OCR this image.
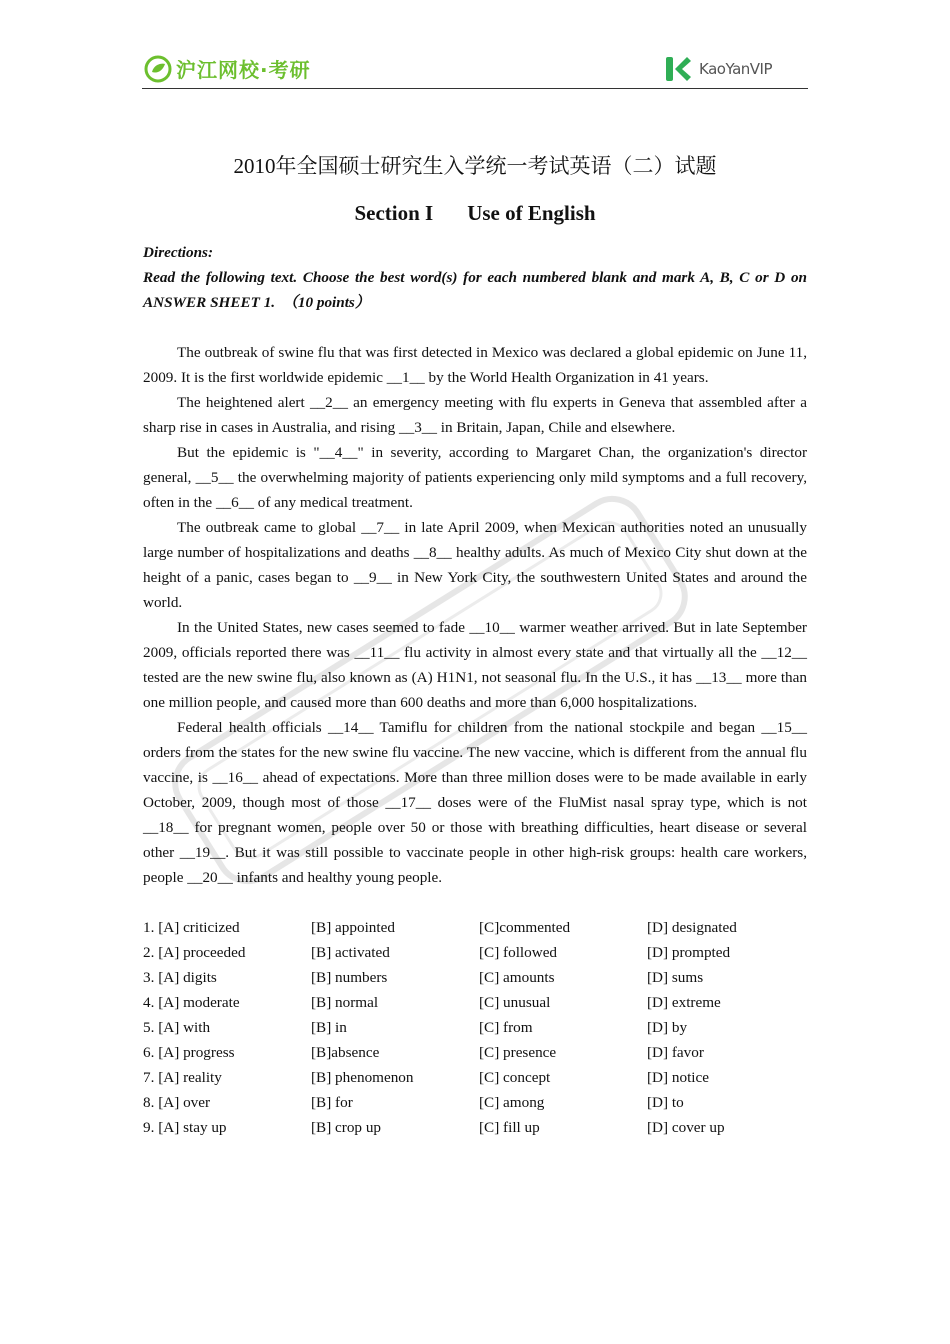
沪江网校·考研	KaoYanVIP
2010年全国硕士研究生入学统一考试英语（二）试题
Section I Use of English

Directions:

Read the following text. Choose the best word(s) for each numbered blank and mark A, B, C or D on ANSWER SHEET 1.　（10 points）

The outbreak of swine flu that was first detected in Mexico was declared a global epidemic on June 11, 2009. It is the first worldwide epidemic __1__ by the World Health Organization in 41 years.

The heightened alert __2__ an emergency meeting with flu experts in Geneva that assembled after a sharp rise in cases in Australia, and rising __3__ in Britain, Japan, Chile and elsewhere.

But the epidemic is "__4__" in severity, according to Margaret Chan, the organization's director general, __5__ the overwhelming majority of patients experiencing only mild symptoms and a full recovery, often in the __6__ of any medical treatment.

The outbreak came to global __7__ in late April 2009, when Mexican authorities noted an unusually large number of hospitalizations and deaths __8__ healthy adults. As much of Mexico City shut down at the height of a panic, cases began to __9__ in New York City, the southwestern United States and around the world.

In the United States, new cases seemed to fade __10__ warmer weather arrived. But in late September 2009, officials reported there was __11__ flu activity in almost every state and that virtually all the __12__ tested are the new swine flu, also known as (A) H1N1, not seasonal flu. In the U.S., it has __13__ more than one million people, and caused more than 600 deaths and more than 6,000 hospitalizations.

Federal health officials __14__ Tamiflu for children from the national stockpile and began __15__ orders from the states for the new swine flu vaccine. The new vaccine, which is different from the annual flu vaccine, is __16__ ahead of expectations. More than three million doses were to be made available in early October, 2009, though most of those __17__ doses were of the FluMist nasal spray type, which is not __18__ for pregnant women, people over 50 or those with breathing difficulties, heart disease or several other __19__. But it was still possible to vaccinate people in other high-risk groups: health care workers, people __20__ infants and healthy young people.

1. [A] criticized	[B] appointed	[C]commented	[D] designated
2. [A] proceeded	[B] activated	[C] followed	[D] prompted
3. [A] digits	[B] numbers	[C] amounts	[D] sums
4. [A] moderate	[B] normal	[C] unusual	[D] extreme
5. [A] with	[B] in	[C] from	[D] by
6. [A] progress	[B]absence	[C] presence	[D] favor
7. [A] reality	[B] phenomenon	[C] concept	[D] notice
8. [A] over	[B] for	[C] among	[D] to
9. [A] stay up	[B] crop up	[C] fill up	[D] cover up
